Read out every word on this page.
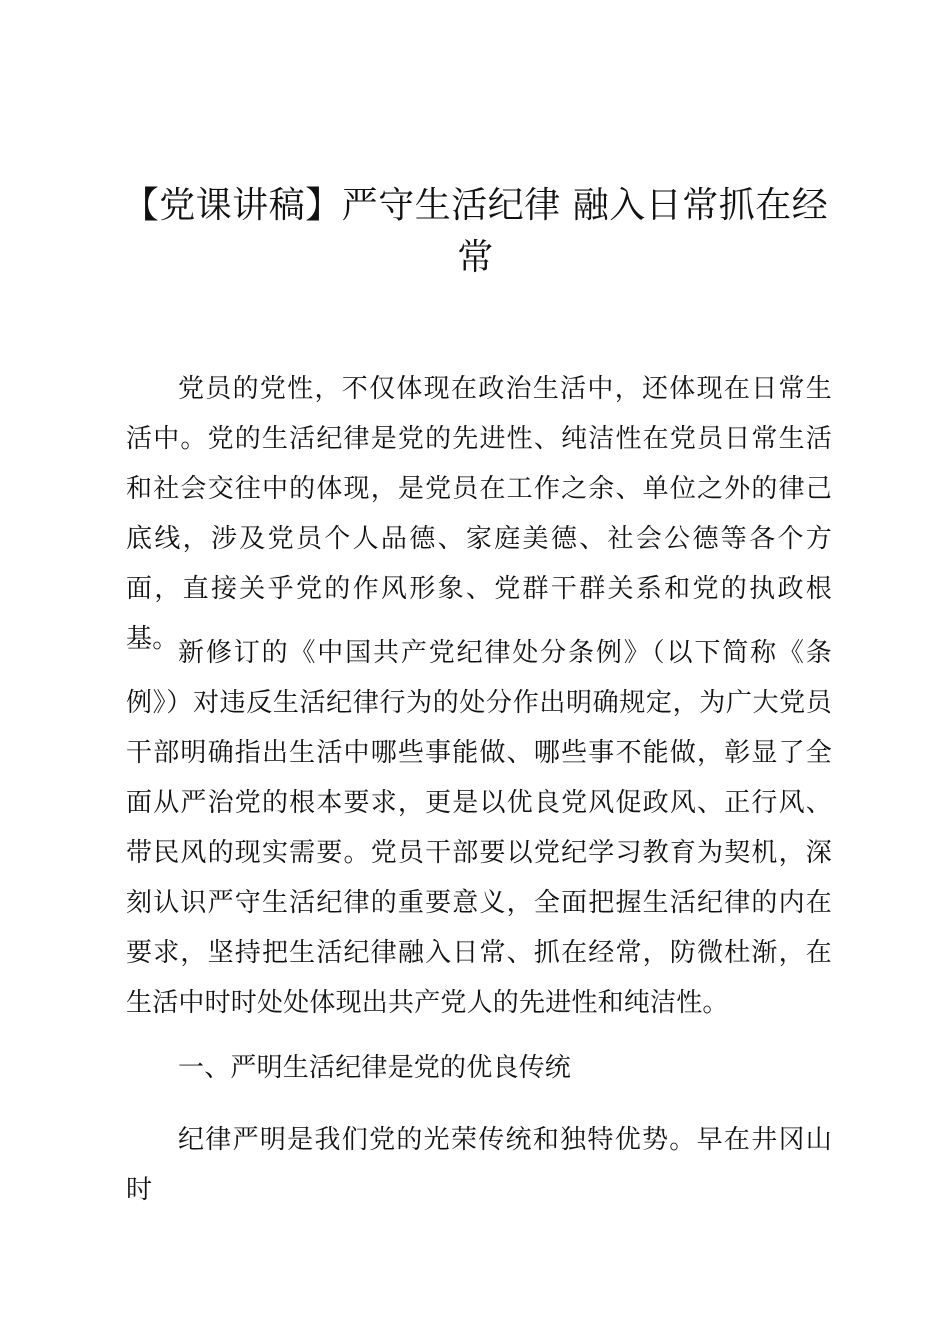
【党课讲稿】严守生活纪律 融入日常抓在经常

党员的党性，不仅体现在政治生活中，还体现在日常生活中。党的生活纪律是党的先进性、纯洁性在党员日常生活和社会交往中的体现，是党员在工作之余、单位之外的律己底线，涉及党员个人品德、家庭美德、社会公德等各个方面，直接关乎党的作风形象、党群干群关系和党的执政根基。 新修订的《中国共产党纪律处分条例》（以下简称《条例》）对违反生活纪律行为的处分作出明确规定，为广大党员干部明确指出生活中哪些事能做、哪些事不能做，彰显了全面从严治党的根本要求，更是以优良党风促政风、正行风、带民风的现实需要。党员干部要以党纪学习教育为契机，深刻认识严守生活纪律的重要意义，全面把握生活纪律的内在要求，坚持把生活纪律融入日常、抓在经常，防微杜渐，在生活中时时处处体现出共产党人的先进性和纯洁性。

一、严明生活纪律是党的优良传统

纪律严明是我们党的光荣传统和独特优势。早在井冈山时
